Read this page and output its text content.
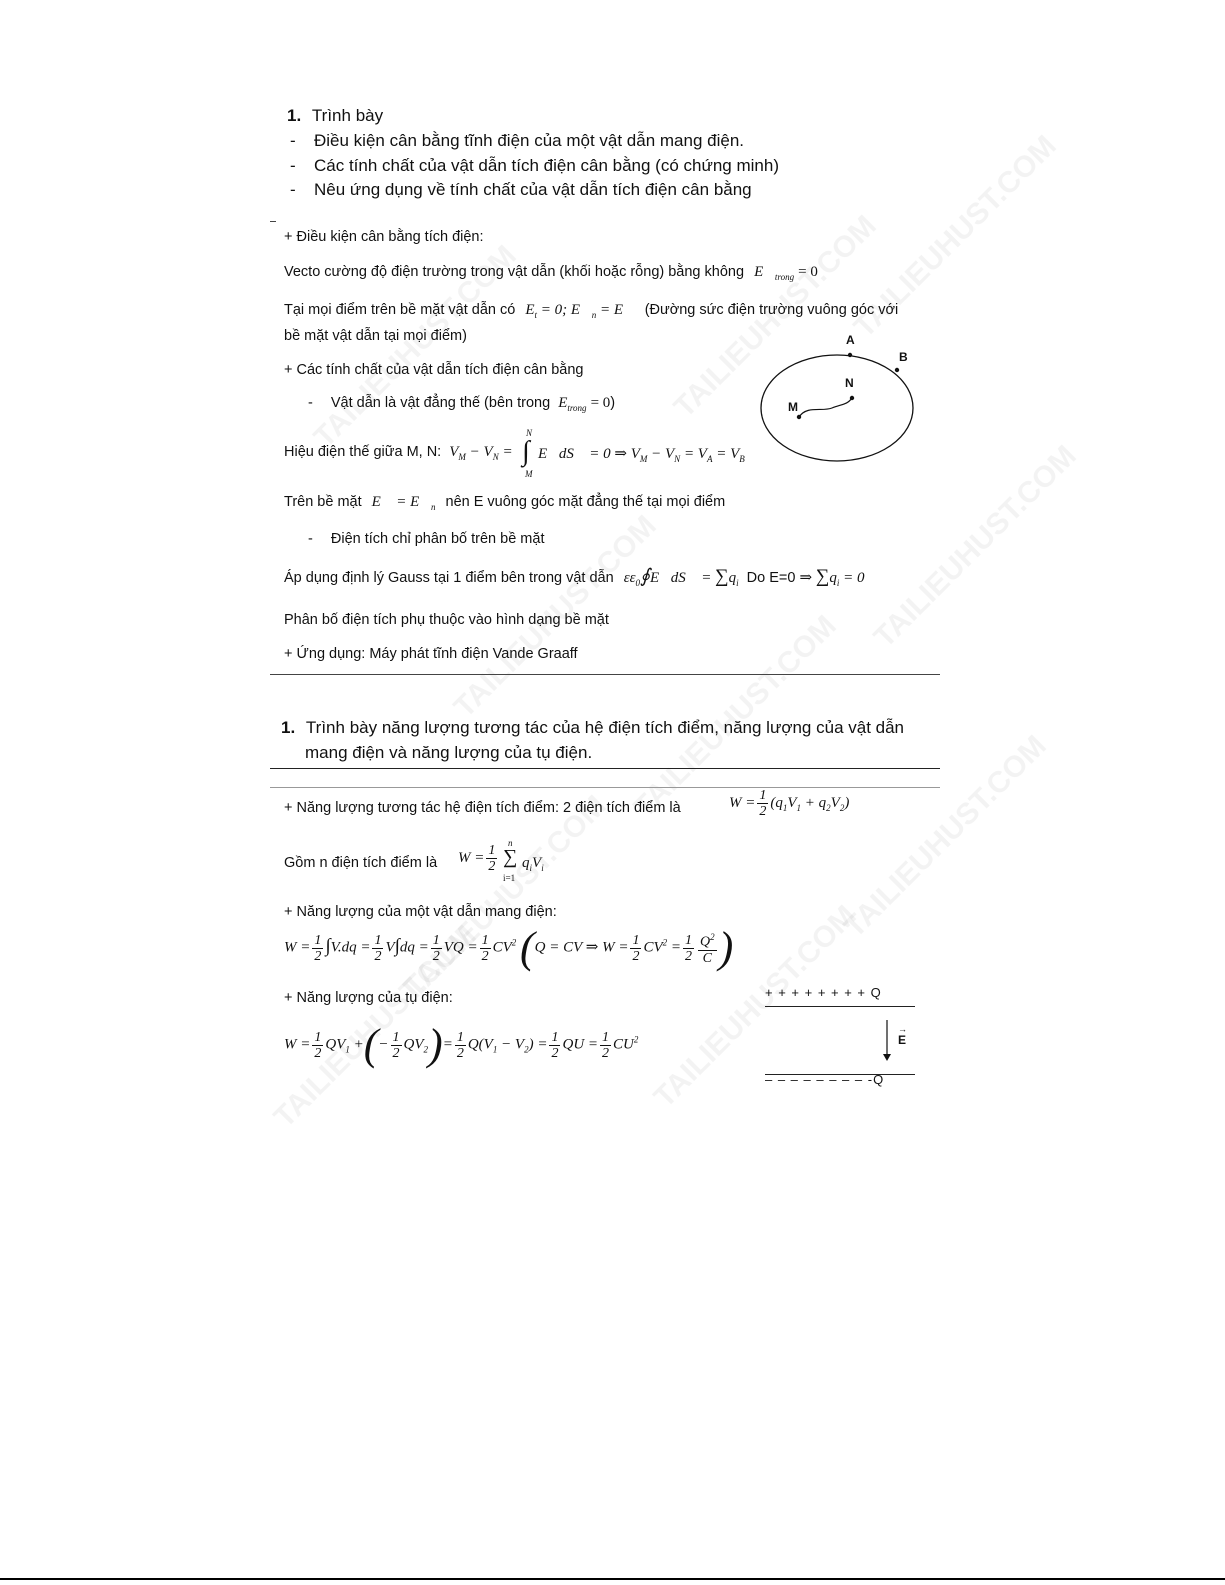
1. Trình bày
- Điều kiện cân bằng tĩnh điện của một vật dẫn mang điện.
- Các tính chất của vật dẫn tích điện cân bằng (có chứng minh)
- Nêu ứng dụng về tính chất của vật dẫn tích điện cân bằng
+ Điều kiện cân bằng tích điện:
Vecto cường độ điện trường trong vật dẫn (khối hoặc rỗng) bằng không $E⃗_{trong} = 0$
Tại mọi điểm trên bề mặt vật dẫn có $E_t = 0$; $E⃗_n$ = E⃗ (Đường sức điện trường vuông góc với
bề mặt vật dẫn tại mọi điểm)
+ Các tính chất của vật dẫn tích điện cân bằng
- Vật dẫn là vật đẳng thế (bên trong $E_{trong} = 0$)
Hiệu điện thế giữa M, N: $V_M - V_N$ =
N
∫
M
E⃗dS⃗ = 0 ⇒ $V_M - V_N = V_A = V_B$
Trên bề mặt E⃗ = $E⃗_n$ nên E vuông góc mặt đẳng thế tại mọi điểm
- Điện tích chỉ phân bố trên bề mặt
Áp dụng định lý Gauss tại 1 điểm bên trong vật dẫn $\varepsilon\varepsilon_0∮E⃗dS⃗ = \sum q_i$ Do E=0 ⇒ $\sum q_i = 0$
Phân bố điện tích phụ thuộc vào hình dạng bề mặt
+ Ứng dụng: Máy phát tĩnh điện Vande Graaff
A
B
N
M
1. Trình bày năng lượng tương tác của hệ điện tích điểm, năng lượng của vật dẫn
mang điện và năng lượng của tụ điện.
+ Năng lượng tương tác hệ điện tích điểm: 2 điện tích điểm là	$W = \frac{1}{2} (q_1V_1 + q_2V_2)$
Gồm n điện tích điểm là $W = \frac{1}{2}$ n
∑
i=1
$q_iV_i$
+ Năng lượng của một vật dẫn mang điện:
$W = \frac{1}{2} \int V.dq = \frac{1}{2} V\int dq = \frac{1}{2}$ VQ = $\frac{1}{2} CV^2$ (Q = CV ⇒ $W = \frac{1}{2} CV^2 = \frac{1}{2} \frac{Q^2}{C}$ )
+ Năng lượng của tụ điện:
$W = \frac{1}{2} QV_1$ +(− $\frac{1}{2} QV_2)= \frac{1}{2} Q(V_1 - V_2) = \frac{1}{2}$ QU = $\frac{1}{2} CU^2$
+ + + + + + + + Q
→
E
– – – – – – – – -Q
